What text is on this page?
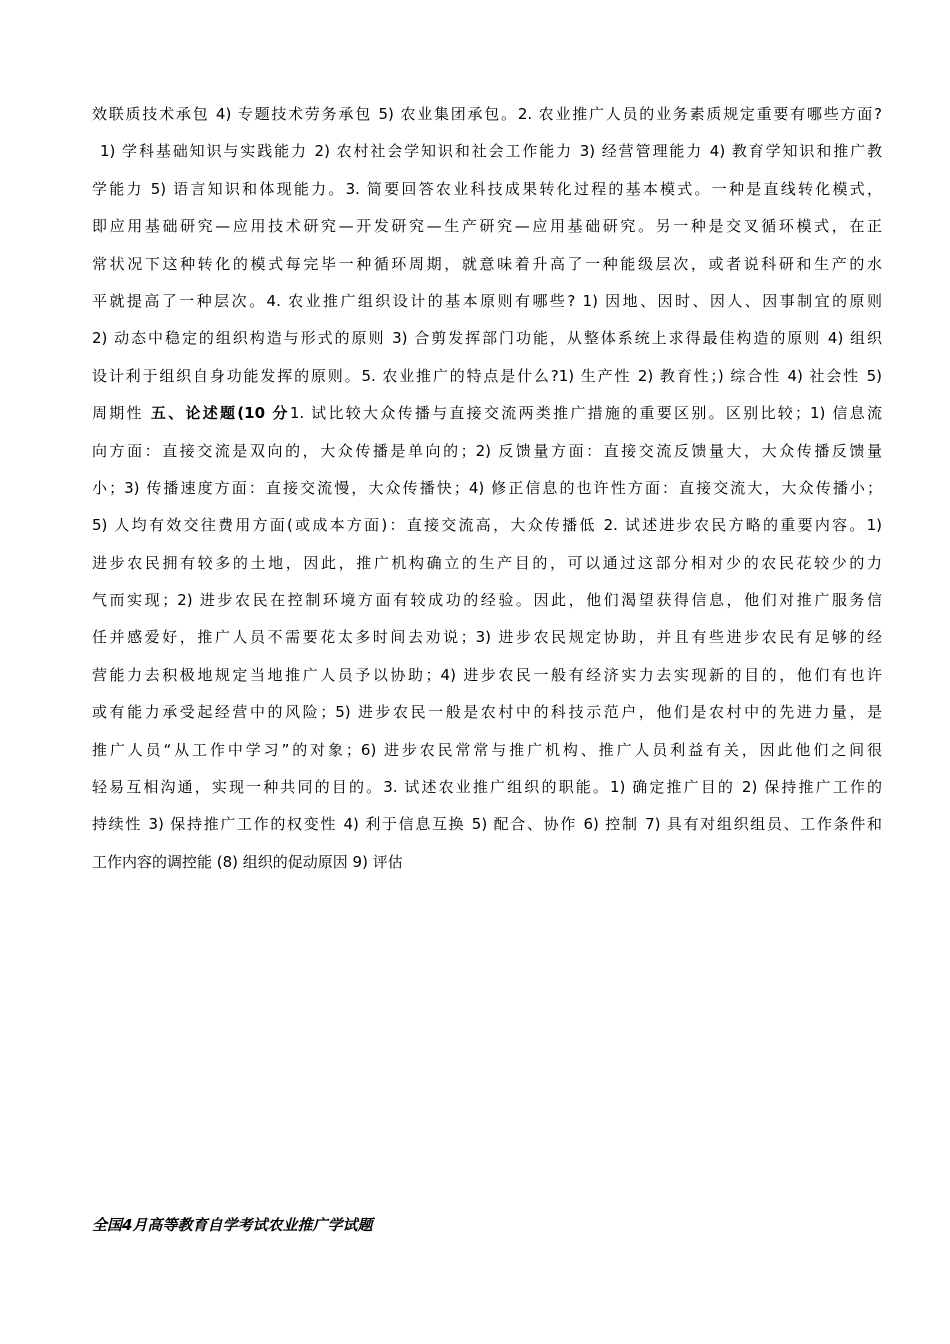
效联质技术承包 4) 专题技术劳务承包 5) 农业集团承包。2. 农业推广人员的业务素质规定重要有哪些方面?
1) 学科基础知识与实践能力 2) 农村社会学知识和社会工作能力 3) 经营管理能力 4) 教育学知识和推广教
学能力 5) 语言知识和体现能力。3. 简要回答农业科技成果转化过程的基本模式。一种是直线转化模式，
即应用基础研究—应用技术研究—开发研究—生产研究—应用基础研究。另一种是交叉循环模式，在正
常状况下这种转化的模式每完毕一种循环周期，就意味着升高了一种能级层次，或者说科研和生产的水
平就提高了一种层次。4. 农业推广组织设计的基本原则有哪些? 1) 因地、因时、因人、因事制宜的原则
2) 动态中稳定的组织构造与形式的原则 3) 合剪发挥部门功能，从整体系统上求得最佳构造的原则 4) 组织
设计利于组织自身功能发挥的原则。5. 农业推广的特点是什么?1) 生产性 2) 教育性；) 综合性 4) 社会性 5)
周期性 五、论述题(10 分1. 试比较大众传播与直接交流两类推广措施的重要区别。区别比较；1) 信息流
向方面：直接交流是双向的，大众传播是单向的；2) 反馈量方面：直接交流反馈量大，大众传播反馈量
小；3) 传播速度方面：直接交流慢，大众传播快；4) 修正信息的也许性方面：直接交流大，大众传播小；
5) 人均有效交往费用方面(或成本方面)：直接交流高，大众传播低 2. 试述进步农民方略的重要内容。1)
进步农民拥有较多的土地，因此，推广机构确立的生产目的，可以通过这部分相对少的农民花较少的力
气而实现；2) 进步农民在控制环境方面有较成功的经验。因此，他们渴望获得信息，他们对推广服务信
任并感爱好，推广人员不需要花太多时间去劝说；3) 进步农民规定协助，并且有些进步农民有足够的经
营能力去积极地规定当地推广人员予以协助；4) 进步农民一般有经济实力去实现新的目的，他们有也许
或有能力承受起经营中的风险；5) 进步农民一般是农村中的科技示范户，他们是农村中的先进力量，是
推广人员“从工作中学习”的对象；6) 进步农民常常与推广机构、推广人员利益有关，因此他们之间很
轻易互相沟通，实现一种共同的目的。3. 试述农业推广组织的职能。1) 确定推广目的 2) 保持推广工作的
持续性 3) 保持推广工作的权变性 4) 利于信息互换 5) 配合、协作 6) 控制 7) 具有对组织组员、工作条件和
工作内容的调控能 (8) 组织的促动原因 9) 评估
全国4月高等教育自学考试农业推广学试题
